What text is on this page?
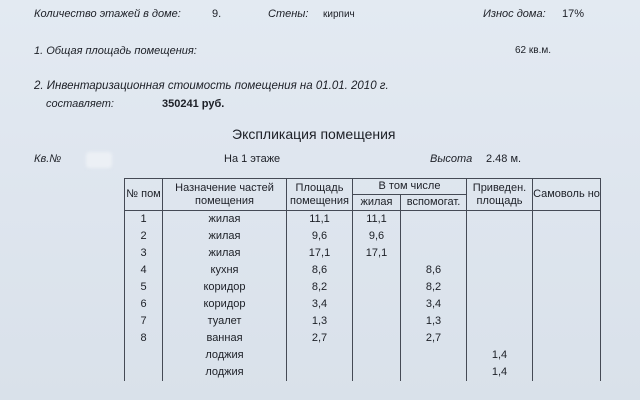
Количество этажей в доме:	9.	Стены: кирпич	Износ дома: 17%
1. Общая площадь помещения:	62 кв.м.
2. Инвентаризационная стоимость помещения на 01.01. 2010 г.
составляет:	350241 руб.
Экспликация помещения
Кв.№	На 1 этаже	Высота 2.48 м.
№ пом	Назначение частей помещения	Площадь помещения	В том числе		Приведен. площадь	Самоволь но
			жилая	вспомогат.		
1	жилая	11,1	11,1			
2	жилая	9,6	9,6			
3	жилая	17,1	17,1			
4	кухня	8,6		8,6		
5	коридор	8,2		8,2		
6	коридор	3,4		3,4		
7	туалет	1,3		1,3		
8	ванная	2,7		2,7		
	лоджия				1,4	
	лоджия				1,4	
